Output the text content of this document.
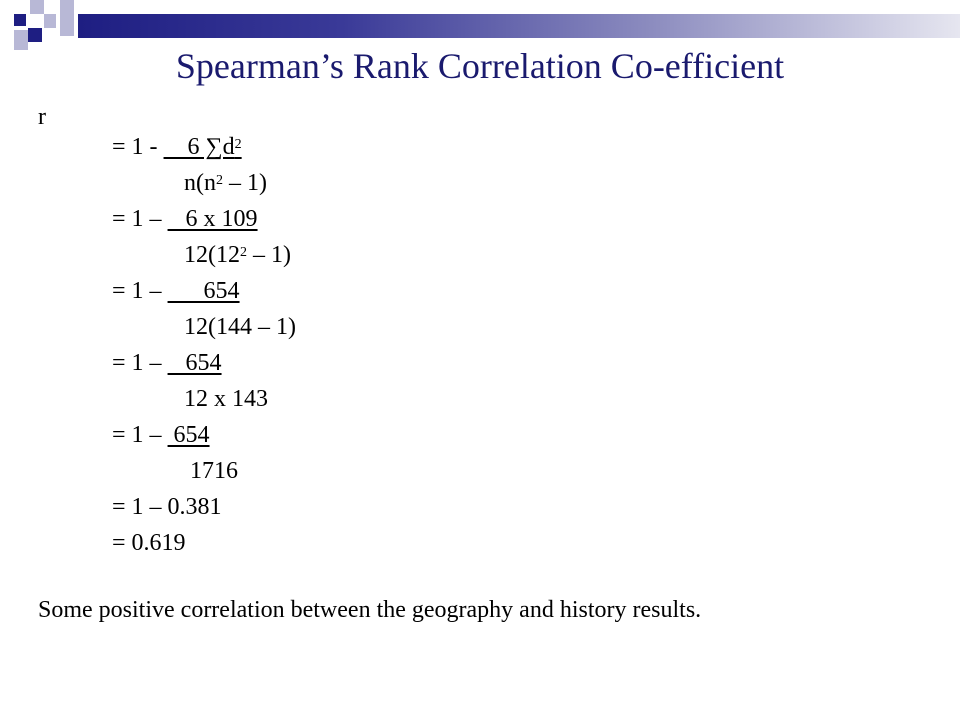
Spearman’s Rank Correlation Co-efficient
r

= 1 -     6 $\sum d^2$

$n(n^2 - 1)$

= 1 –    6 x 109

$12(12^2 - 1)$

= 1 –       654

12(144 – 1)

= 1 –    654

12 x 143

= 1 –  654

1716

= 1 – 0.381

= 0.619

Some positive correlation between the geography and history results.
